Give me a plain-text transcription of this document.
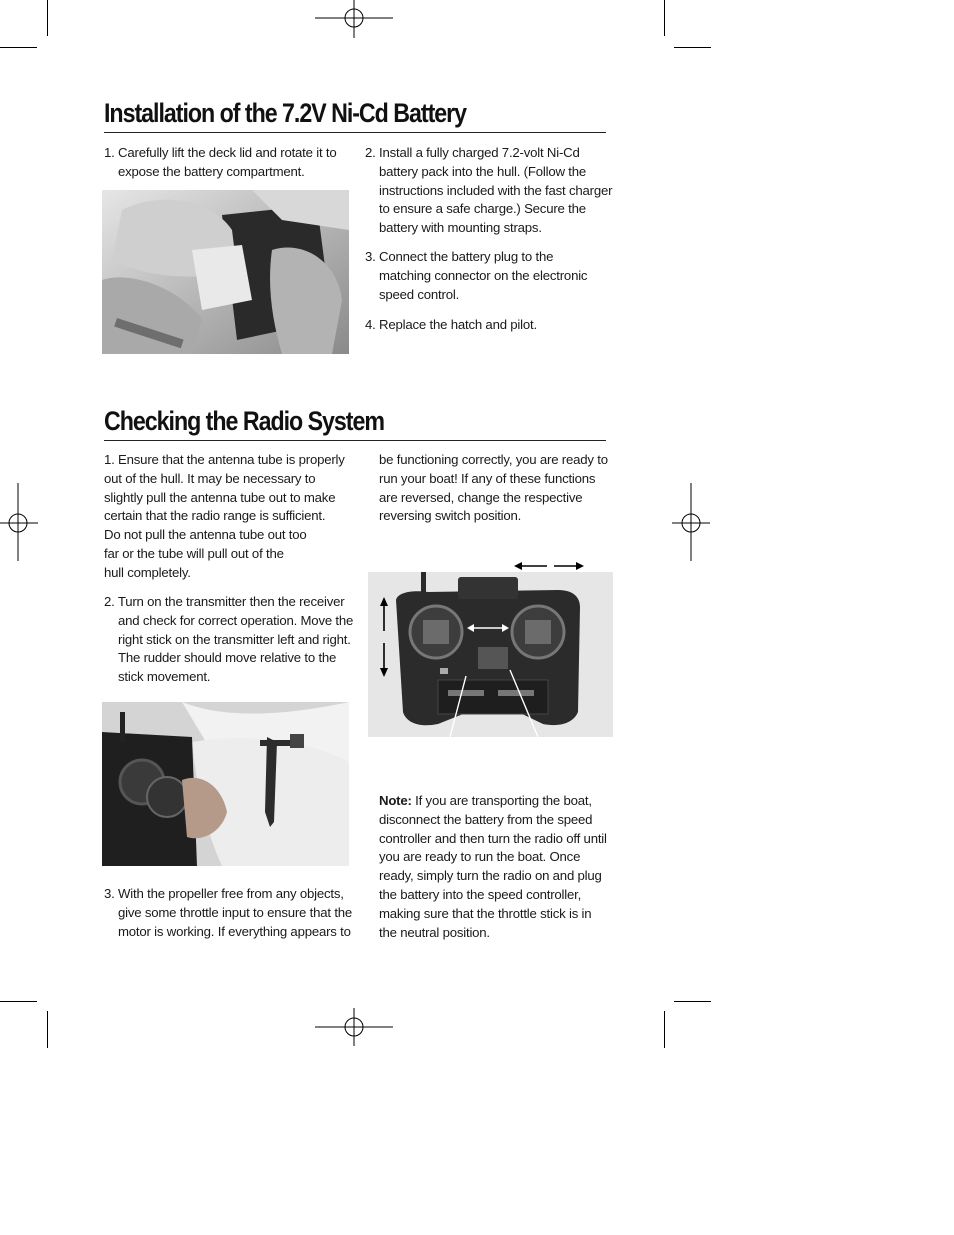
Installation of the 7.2V Ni-Cd Battery
1. Carefully lift the deck lid and rotate it to expose the battery compartment.
2. Install a fully charged 7.2-volt Ni-Cd battery pack into the hull. (Follow the instructions included with the fast charger to ensure a safe charge.) Secure the battery with mounting straps.
3. Connect the battery plug to the matching connector on the electronic speed control.
4. Replace the hatch and pilot.
Checking the Radio System
1. Ensure that the antenna tube is properly
out of the hull. It may be necessary to
slightly pull the antenna tube out to make
certain that the radio range is sufficient.
Do not pull the antenna tube out too
far or the tube will pull out of the
hull completely.
2. Turn on the transmitter then the receiver and check for correct operation. Move the right stick on the transmitter left and right. The rudder should move relative to the stick movement.
3. With the propeller free from any objects, give some throttle input to ensure that the motor is working. If everything appears to
be functioning correctly, you are ready to run your boat! If any of these functions are reversed, change the respective reversing switch position.
Note: If you are transporting the boat, disconnect the battery from the speed controller and then turn the radio off until you are ready to run the boat. Once ready, simply turn the radio on and plug the battery into the speed controller, making sure that the throttle stick is in the neutral position.
